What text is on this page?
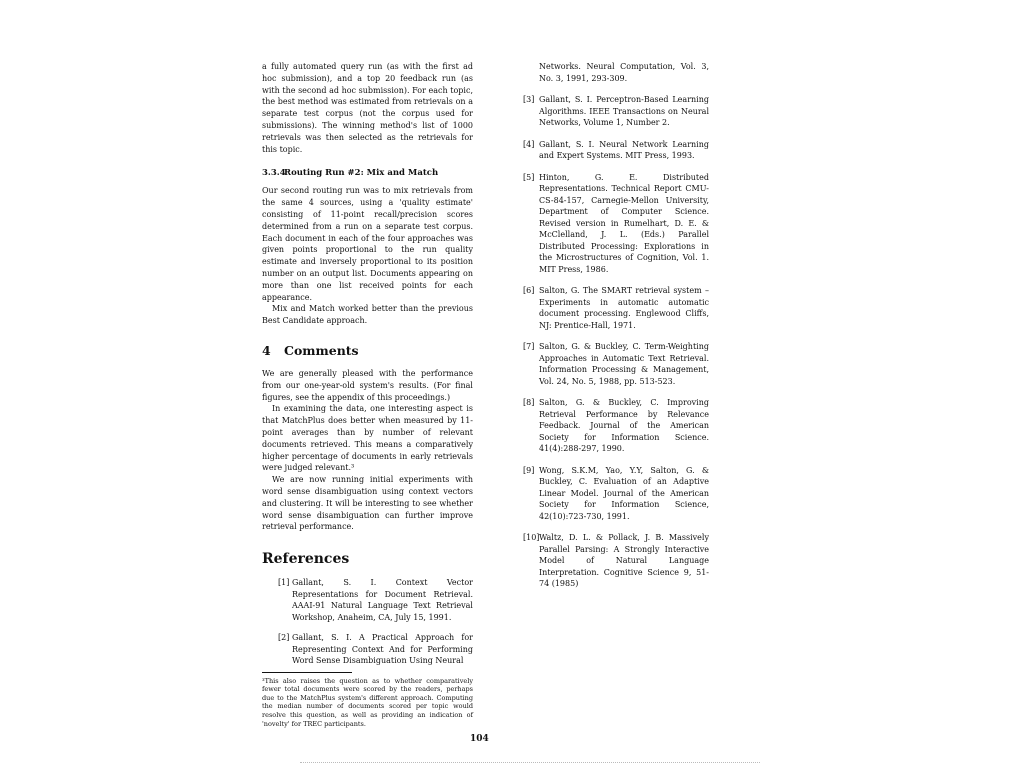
a fully automated query run (as with the first ad hoc submission), and a top 20 feedback run (as with the second ad hoc submission). For each topic, the best method was estimated from retrievals on a separate test corpus (not the corpus used for submissions). The winning method's list of 1000 retrievals was then selected as the retrievals for this topic.

3.3.4Routing Run #2: Mix and Match

Our second routing run was to mix retrievals from the same 4 sources, using a 'quality estimate' consisting of 11-point recall/precision scores determined from a run on a separate test corpus. Each document in each of the four approaches was given points proportional to the run quality estimate and inversely proportional to its position number on an output list. Documents appearing on more than one list received points for each appearance.

Mix and Match worked better than the previous Best Candidate approach.

4 Comments

We are generally pleased with the performance from our one-year-old system's results. (For final figures, see the appendix of this proceedings.)

In examining the data, one interesting aspect is that MatchPlus does better when measured by 11-point averages than by number of relevant documents retrieved. This means a comparatively higher percentage of documents in early retrievals were judged relevant.³

We are now running initial experiments with word sense disambiguation using context vectors and clustering. It will be interesting to see whether word sense disambiguation can further improve retrieval performance.

References
[1] Gallant, S. I. Context Vector Representations for Document Retrieval. AAAI-91 Natural Language Text Retrieval Workshop, Anaheim, CA, July 15, 1991.
[2] Gallant, S. I. A Practical Approach for Representing Context And for Performing Word Sense Disambiguation Using Neural

³This also raises the question as to whether comparatively fewer total documents were scored by the readers, perhaps due to the MatchPlus system's different approach. Computing the median number of documents scored per topic would resolve this question, as well as providing an indication of 'novelty' for TREC participants.

Networks. Neural Computation, Vol. 3, No. 3, 1991, 293-309.
[3] Gallant, S. I. Perceptron-Based Learning Algorithms. IEEE Transactions on Neural Networks, Volume 1, Number 2.
[4] Gallant, S. I. Neural Network Learning and Expert Systems. MIT Press, 1993.
[5] Hinton, G. E. Distributed Representations. Technical Report CMU-CS-84-157, Carnegie-Mellon University, Department of Computer Science. Revised version in Rumelhart, D. E. & McClelland, J. L. (Eds.) Parallel Distributed Processing: Explorations in the Microstructures of Cognition, Vol. 1. MIT Press, 1986.
[6] Salton, G. The SMART retrieval system – Experiments in automatic automatic document processing. Englewood Cliffs, NJ: Prentice-Hall, 1971.
[7] Salton, G. & Buckley, C. Term-Weighting Approaches in Automatic Text Retrieval. Information Processing & Management, Vol. 24, No. 5, 1988, pp. 513-523.
[8] Salton, G. & Buckley, C. Improving Retrieval Performance by Relevance Feedback. Journal of the American Society for Information Science. 41(4):288-297, 1990.
[9] Wong, S.K.M, Yao, Y.Y, Salton, G. & Buckley, C. Evaluation of an Adaptive Linear Model. Journal of the American Society for Information Science, 42(10):723-730, 1991.
[10] Waltz, D. L. & Pollack, J. B. Massively Parallel Parsing: A Strongly Interactive Model of Natural Language Interpretation. Cognitive Science 9, 51-74 (1985)
104
